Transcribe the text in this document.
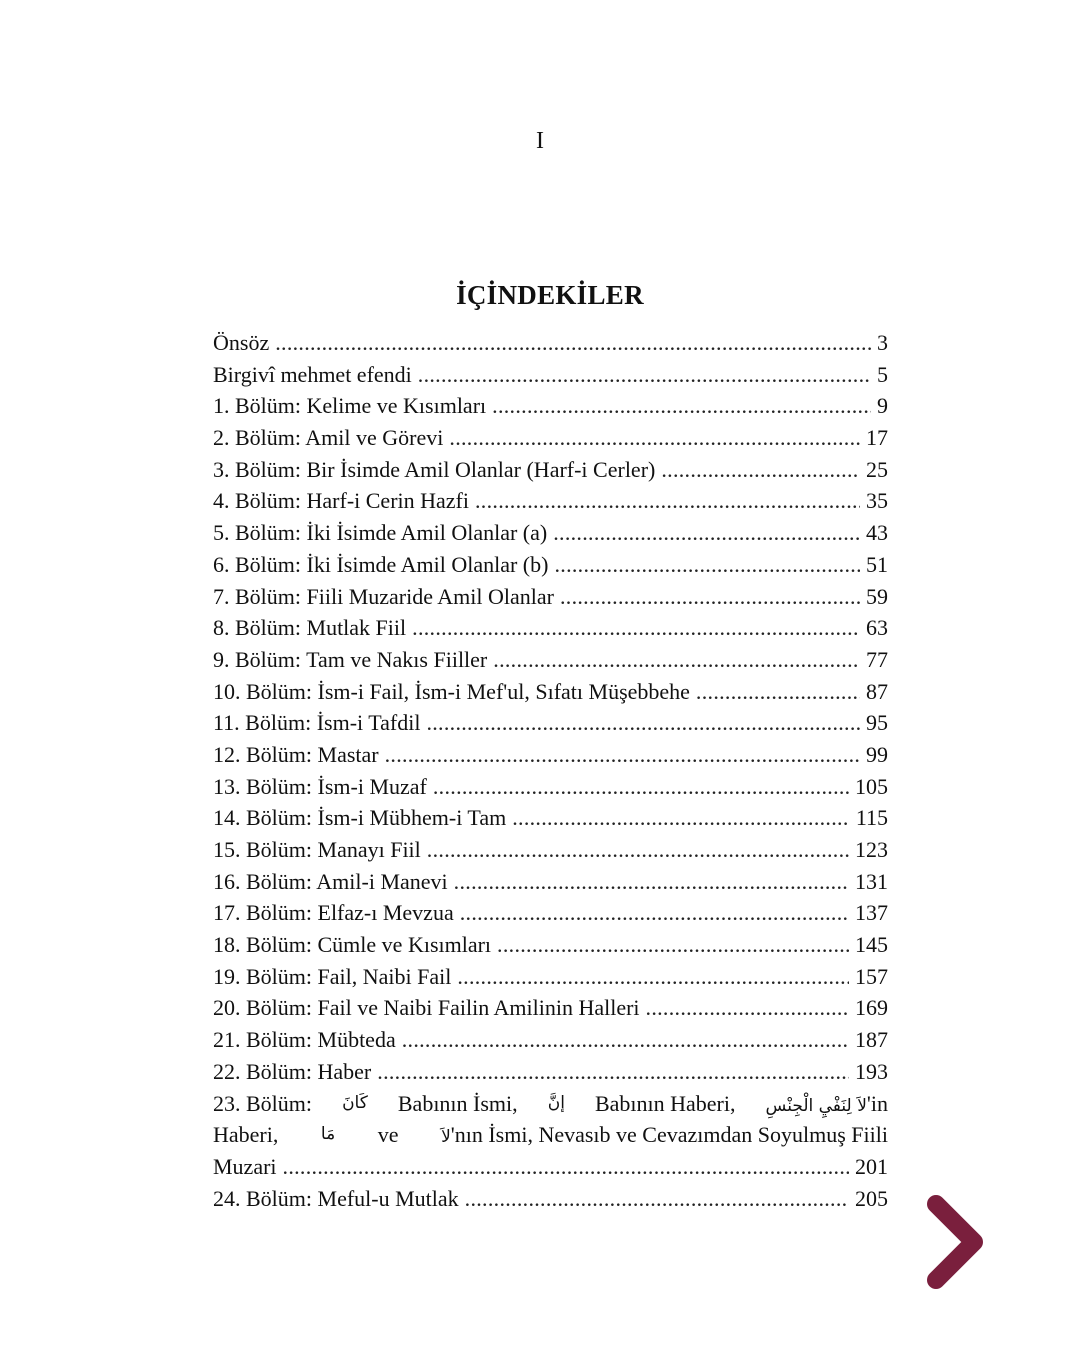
I
İÇİNDEKİLER
Önsöz . . .	3
Birgivî mehmet efendi . . .	5
1. Bölüm: Kelime ve Kısımları . . .	9
2. Bölüm: Amil ve Görevi . . .	17
3. Bölüm: Bir İsimde Amil Olanlar (Harf-i Cerler) . . .	25
4. Bölüm: Harf-i Cerin Hazfi . . .	35
5. Bölüm: İki İsimde Amil Olanlar (a) . . .	43
6. Bölüm: İki İsimde Amil Olanlar (b) . . .	51
7. Bölüm: Fiili Muzaride Amil Olanlar . . .	59
8. Bölüm: Mutlak Fiil . . .	63
9. Bölüm: Tam ve Nakıs Fiiller . . .	77
10. Bölüm: İsm-i Fail, İsm-i Mef'ul, Sıfatı Müşebbehe . . .	87
11. Bölüm: İsm-i Tafdil . . .	95
12. Bölüm: Mastar . . .	99
13. Bölüm: İsm-i Muzaf . . .	105
14. Bölüm: İsm-i Mübhem-i Tam . . .	115
15. Bölüm: Manayı Fiil . . .	123
16. Bölüm: Amil-i Manevi . . .	131
17. Bölüm: Elfaz-ı Mevzua . . .	137
18. Bölüm: Cümle ve Kısımları . . .	145
19. Bölüm: Fail, Naibi Fail . . .	157
20. Bölüm: Fail ve Naibi Failin Amilinin Halleri . . .	169
21. Bölüm: Mübteda . . .	187
22. Bölüm: Haber . . .	193
23. Bölüm: كَانَ Babının İsmi, إنَّ Babının Haberi, لِنَفْيِ الْجِنْسِ لاَ'in
Haberi,	مَا ve	لاَ'nın İsmi, Nevasıb ve Cevazımdan Soyulmuş Fiili
Muzari . . .	201
24. Bölüm: Meful-u Mutlak . . .	205
